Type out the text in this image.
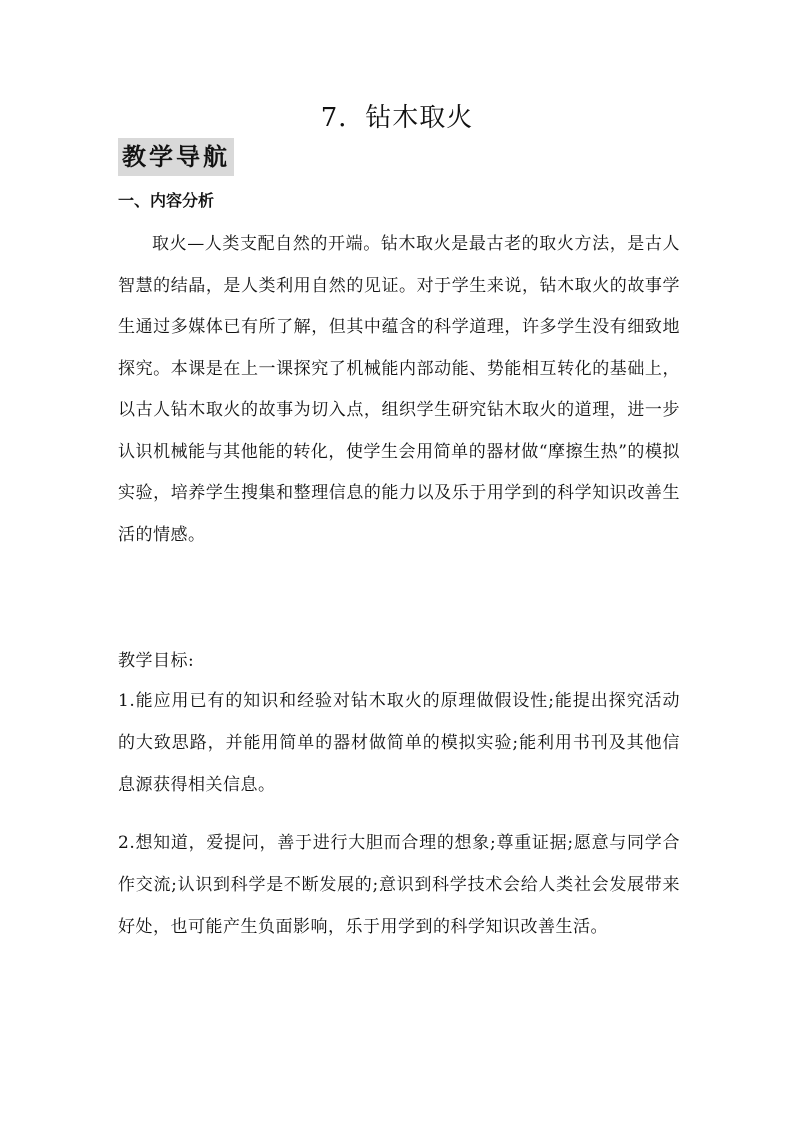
7．钻木取火
教学导航
一、内容分析

取火—人类支配自然的开端。钻木取火是最古老的取火方法，是古人智慧的结晶，是人类利用自然的见证。对于学生来说，钻木取火的故事学生通过多媒体已有所了解，但其中蕴含的科学道理，许多学生没有细致地探究。本课是在上一课探究了机械能内部动能、势能相互转化的基础上，以古人钻木取火的故事为切入点，组织学生研究钻木取火的道理，进一步认识机械能与其他能的转化，使学生会用简单的器材做“摩擦生热”的模拟实验，培养学生搜集和整理信息的能力以及乐于用学到的科学知识改善生活的情感。

教学目标:

1.能应用已有的知识和经验对钻木取火的原理做假设性;能提出探究活动的大致思路，并能用简单的器材做简单的模拟实验;能利用书刊及其他信息源获得相关信息。

2.想知道，爱提问，善于进行大胆而合理的想象;尊重证据;愿意与同学合作交流;认识到科学是不断发展的;意识到科学技术会给人类社会发展带来好处，也可能产生负面影响，乐于用学到的科学知识改善生活。
